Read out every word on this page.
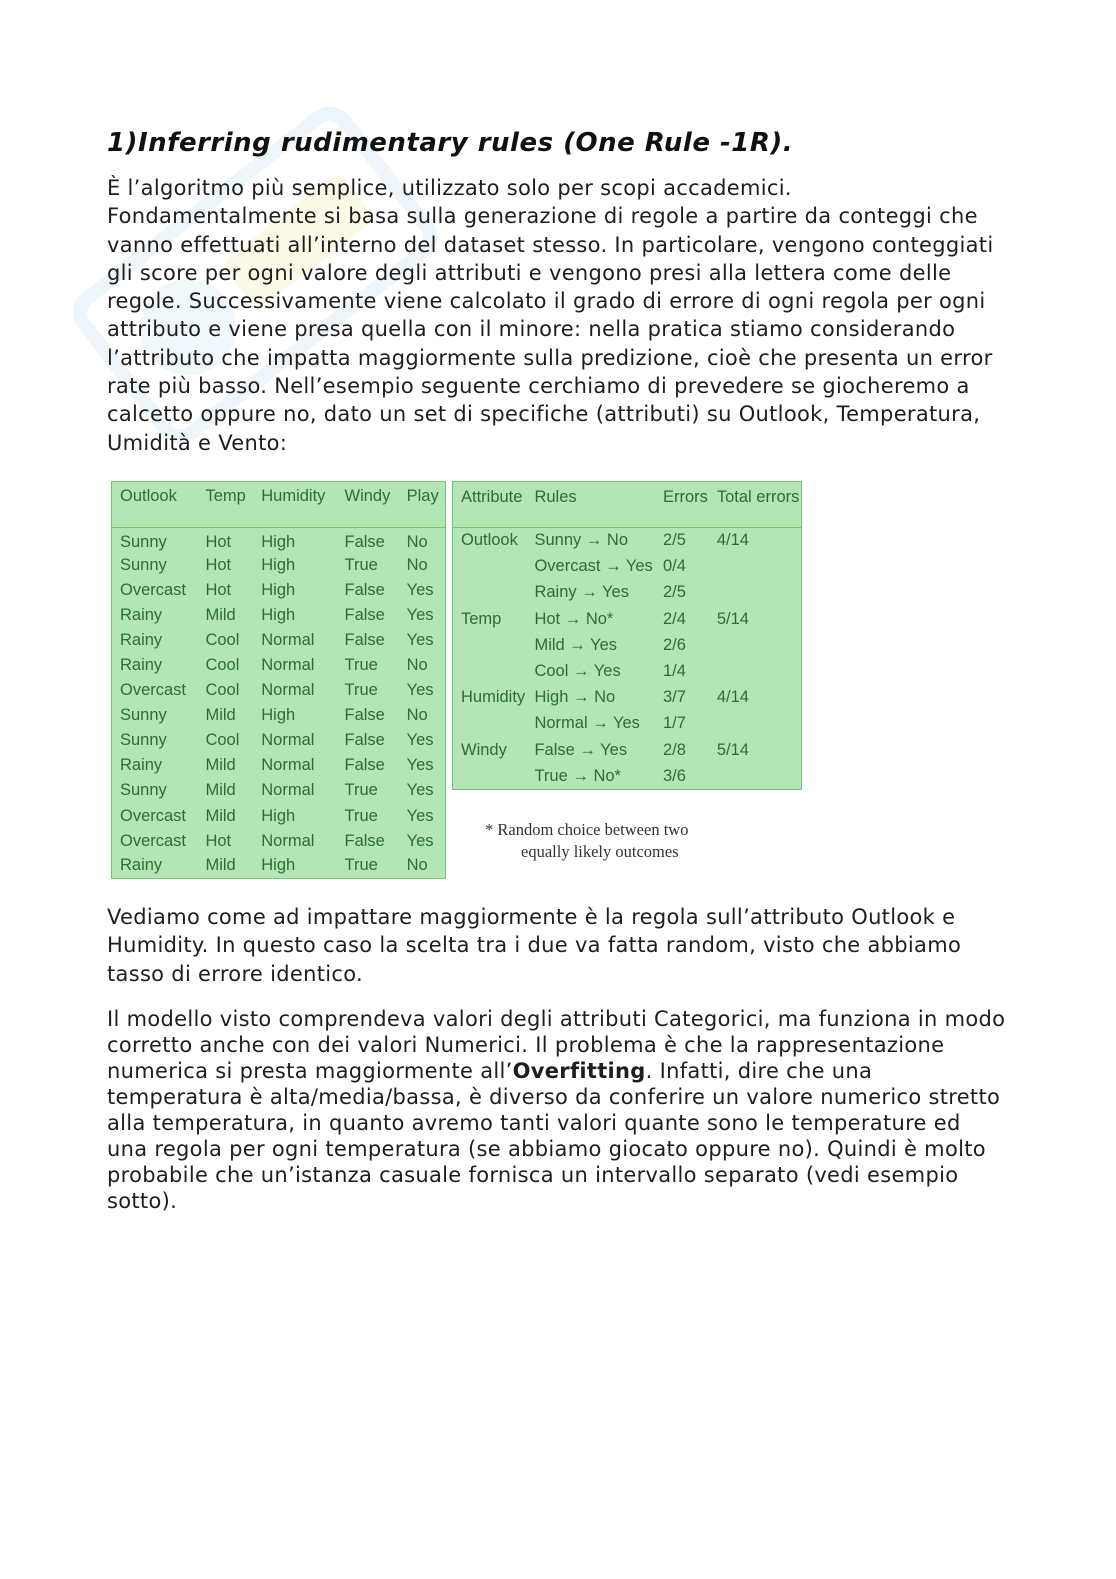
1)Inferring rudimentary rules (One Rule -1R).

È l’algoritmo più semplice, utilizzato solo per scopi accademici. Fondamentalmente si basa sulla generazione di regole a partire da conteggi che vanno effettuati all’interno del dataset stesso. In particolare, vengono conteggiati gli score per ogni valore degli attributi e vengono presi alla lettera come delle regole. Successivamente viene calcolato il grado di errore di ogni regola per ogni attributo e viene presa quella con il minore: nella pratica stiamo considerando l’attributo che impatta maggiormente sulla predizione, cioè che presenta un error rate più basso. Nell’esempio seguente cerchiamo di prevedere se giocheremo a calcetto oppure no, dato un set di specifiche (attributi) su Outlook, Temperatura, Umidità e Vento:

Outlook	Temp	Humidity	Windy	Play
Sunny	Hot	High	False	No
Sunny	Hot	High	True	No
Overcast	Hot	High	False	Yes
Rainy	Mild	High	False	Yes
Rainy	Cool	Normal	False	Yes
Rainy	Cool	Normal	True	No
Overcast	Cool	Normal	True	Yes
Sunny	Mild	High	False	No
Sunny	Cool	Normal	False	Yes
Rainy	Mild	Normal	False	Yes
Sunny	Mild	Normal	True	Yes
Overcast	Mild	High	True	Yes
Overcast	Hot	Normal	False	Yes
Rainy	Mild	High	True	No
Attribute	Rules	Errors	Total errors
Outlook	Sunny → No	2/5	4/14
	Overcast → Yes	0/4	
	Rainy → Yes	2/5	
Temp	Hot → No*	2/4	5/14
	Mild → Yes	2/6	
	Cool → Yes	1/4	
Humidity	High → No	3/7	4/14
	Normal → Yes	1/7	
Windy	False → Yes	2/8	5/14
	True → No*	3/6	
* Random choice between two
equally likely outcomes

Vediamo come ad impattare maggiormente è la regola sull’attributo Outlook e Humidity. In questo caso la scelta tra i due va fatta random, visto che abbiamo tasso di errore identico.

Il modello visto comprendeva valori degli attributi Categorici, ma funziona in modo corretto anche con dei valori Numerici. Il problema è che la rappresentazione numerica si presta maggiormente all’Overfitting. Infatti, dire che una temperatura è alta/media/bassa, è diverso da conferire un valore numerico stretto alla temperatura, in quanto avremo tanti valori quante sono le temperature ed una regola per ogni temperatura (se abbiamo giocato oppure no). Quindi è molto probabile che un’istanza casuale fornisca un intervallo separato (vedi esempio sotto).
